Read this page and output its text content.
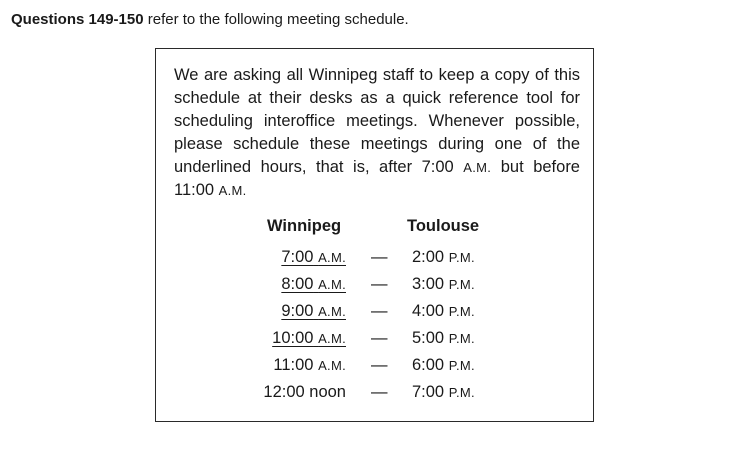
Questions 149-150 refer to the following meeting schedule.

We are asking all Winnipeg staff to keep a copy of this schedule at their desks as a quick reference tool for scheduling interoffice meetings. Whenever possible, please schedule these meetings during one of the underlined hours, that is, after 7:00 A.M. but before 11:00 A.M.

Winnipeg	Toulouse
7:00 A.M. — 2:00 P.M.
8:00 A.M. — 3:00 P.M.
9:00 A.M. — 4:00 P.M.
10:00 A.M. — 5:00 P.M.
11:00 A.M. — 6:00 P.M.
12:00 noon — 7:00 P.M.
